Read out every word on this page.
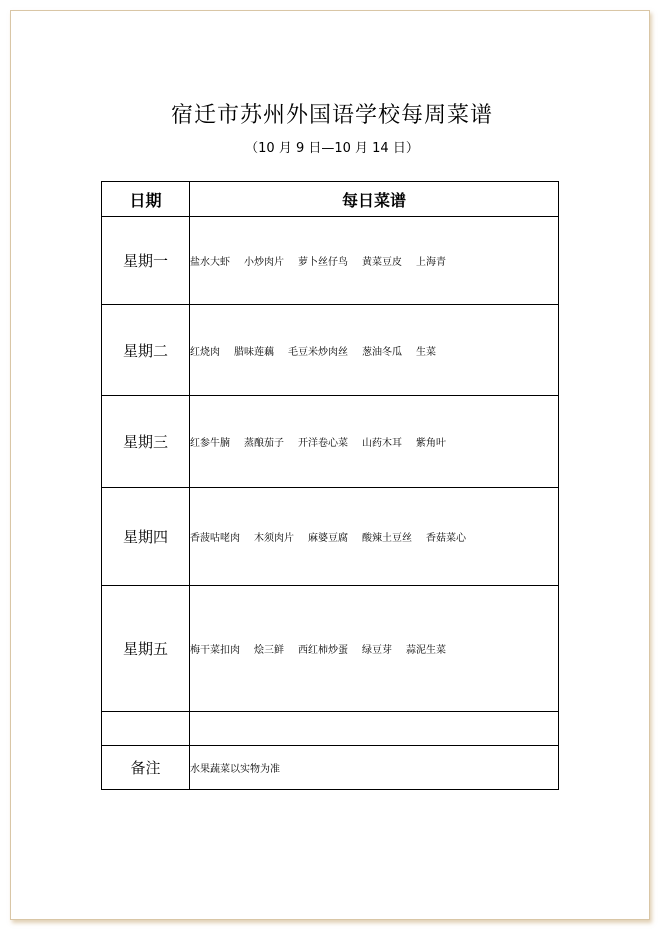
宿迁市苏州外国语学校每周菜谱
（10 月 9 日—10 月 14 日）
日期	每日菜谱
星期一	盐水大虾 小炒肉片 萝卜丝仔鸟 黄菜豆皮 上海青
星期二	红烧肉 腊味莲藕 毛豆米炒肉丝 葱油冬瓜 生菜
星期三	红参牛腩 蒸酿茄子 开洋卷心菜 山药木耳 紫角叶
星期四	香菠咕咾肉 木须肉片 麻婆豆腐 酸辣土豆丝 香菇菜心
星期五	梅干菜扣肉 烩三鲜 西红柿炒蛋 绿豆芽 蒜泥生菜

备注	水果蔬菜以实物为准
